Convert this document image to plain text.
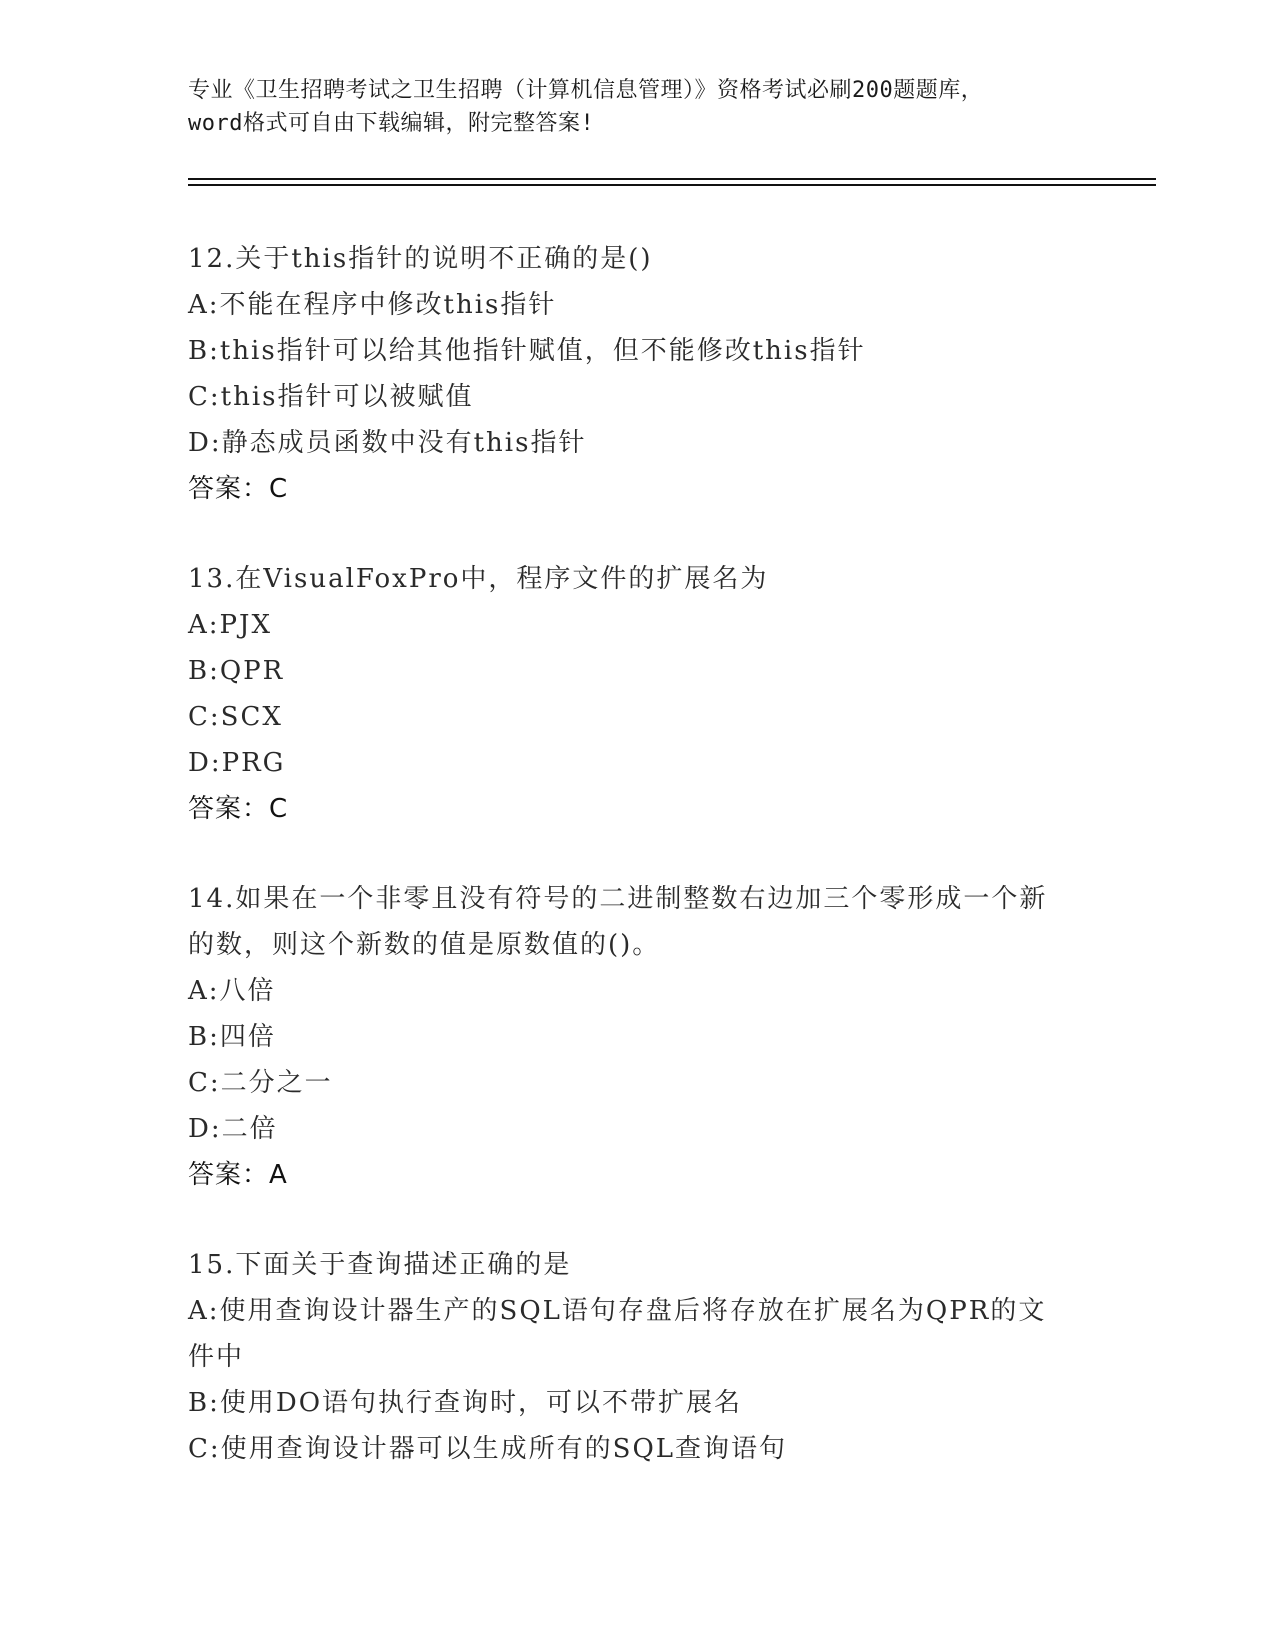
专业《卫生招聘考试之卫生招聘（计算机信息管理）》资格考试必刷200题题库，
word格式可自由下载编辑，附完整答案!
12.关于this指针的说明不正确的是()
A:不能在程序中修改this指针
B:this指针可以给其他指针赋值，但不能修改this指针
C:this指针可以被赋值
D:静态成员函数中没有this指针
答案：C
13.在VisualFoxPro中，程序文件的扩展名为
A:PJX
B:QPR
C:SCX
D:PRG
答案：C
14.如果在一个非零且没有符号的二进制整数右边加三个零形成一个新
的数，则这个新数的值是原数值的()。
A:八倍
B:四倍
C:二分之一
D:二倍
答案：A
15.下面关于查询描述正确的是
A:使用查询设计器生产的SQL语句存盘后将存放在扩展名为QPR的文
件中
B:使用DO语句执行查询时，可以不带扩展名
C:使用查询设计器可以生成所有的SQL查询语句
